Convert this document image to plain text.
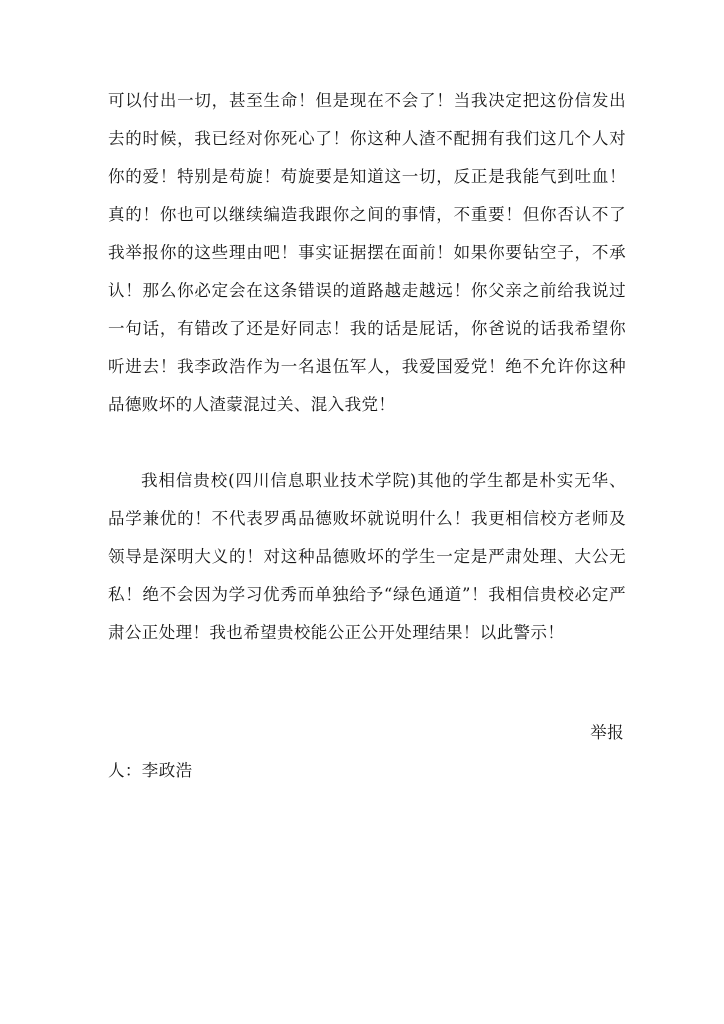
可以付出一切，甚至生命！但是现在不会了！当我决定把这份信发出去的时候，我已经对你死心了！你这种人渣不配拥有我们这几个人对你的爱！特别是苟旋！苟旋要是知道这一切，反正是我能气到吐血！真的！你也可以继续编造我跟你之间的事情，不重要！但你否认不了我举报你的这些理由吧！事实证据摆在面前！如果你要钻空子，不承认！那么你必定会在这条错误的道路越走越远！你父亲之前给我说过一句话，有错改了还是好同志！我的话是屁话，你爸说的话我希望你听进去！我李政浩作为一名退伍军人，我爱国爱党！绝不允许你这种品德败坏的人渣蒙混过关、混入我党！

我相信贵校(四川信息职业技术学院)其他的学生都是朴实无华、品学兼优的！不代表罗禹品德败坏就说明什么！我更相信校方老师及领导是深明大义的！对这种品德败坏的学生一定是严肃处理、大公无私！绝不会因为学习优秀而单独给予“绿色通道”！我相信贵校必定严肃公正处理！我也希望贵校能公正公开处理结果！以此警示！

举报
人：李政浩
